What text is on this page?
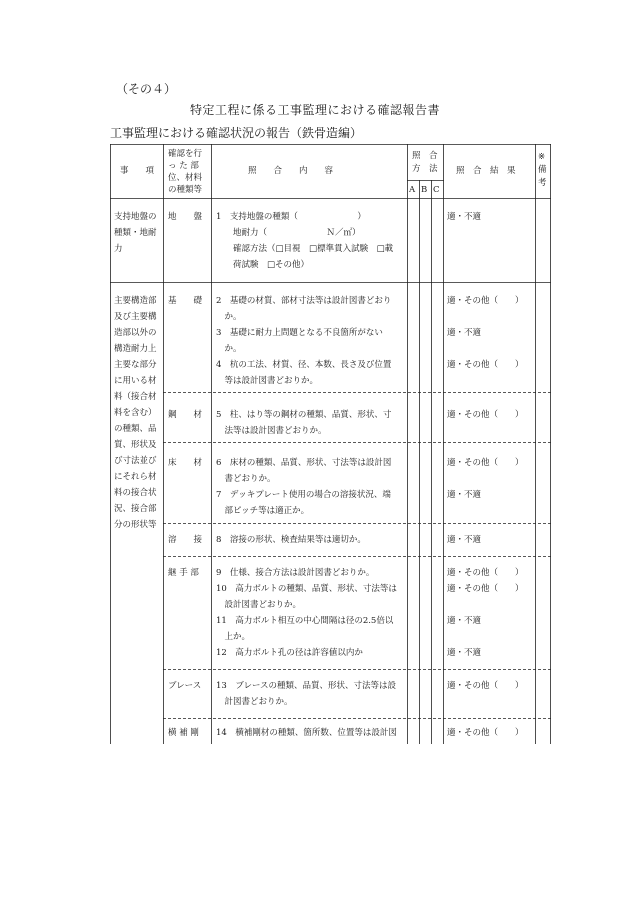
（その４）
特定工程に係る工事監理における確認報告書
工事監理における確認状況の報告（鉄骨造編）
事　　項
確認を行
っ た 部
位、材料
の種類等
照　　合　　内　　容
照　合
方　法
A B C
照　合　結　果
※
備
考
支持地盤の
種類・地耐
力
地　　盤 1　支持地盤の種類（　　　　　　　）
　　地耐力（　　　　　　　Ｎ／㎡）
　　確認方法（□目視　□標準貫入試験　□載
　　荷試験　□その他）
適・不適
主要構造部
及び主要構
造部以外の
構造耐力上
主要な部分
に用いる材
料（接合材
料を含む）
の種類、品
質、形状及
び寸法並び
にそれら材
料の接合状
況、接合部
分の形状等
基　　礎 2　基礎の材質、部材寸法等は設計図書どおり
　か。
3　基礎に耐力上問題となる不良箇所がない
　か。
4　杭の工法、材質、径、本数、長さ及び位置
　等は設計図書どおりか。
適・その他（　　）
適・不適
適・その他（　　）
鋼　　材 5　柱、はり等の鋼材の種類、品質、形状、寸
　法等は設計図書どおりか。
適・その他（　　）
床　　材 6　床材の種類、品質、形状、寸法等は設計図
　書どおりか。
7　デッキプレート使用の場合の溶接状況、端
　部ピッチ等は適正か。
適・その他（　　）
適・不適
溶　　接 8　溶接の形状、検査結果等は適切か。	適・不適
継 手 部 9　仕様、接合方法は設計図書どおりか。
10　高力ボルトの種類、品質、形状、寸法等は
　設計図書どおりか。
11　高力ボルト相互の中心間隔は径の2.5倍以
　上か。
12　高力ボルト孔の径は許容値以内か
適・その他（　　）
適・その他（　　）
適・不適
適・不適
ブレース 13　ブレースの種類、品質、形状、寸法等は設
　計図書どおりか。
適・その他（　　）
横 補 剛 14　横補剛材の種類、箇所数、位置等は設計図	適・その他（　　）
